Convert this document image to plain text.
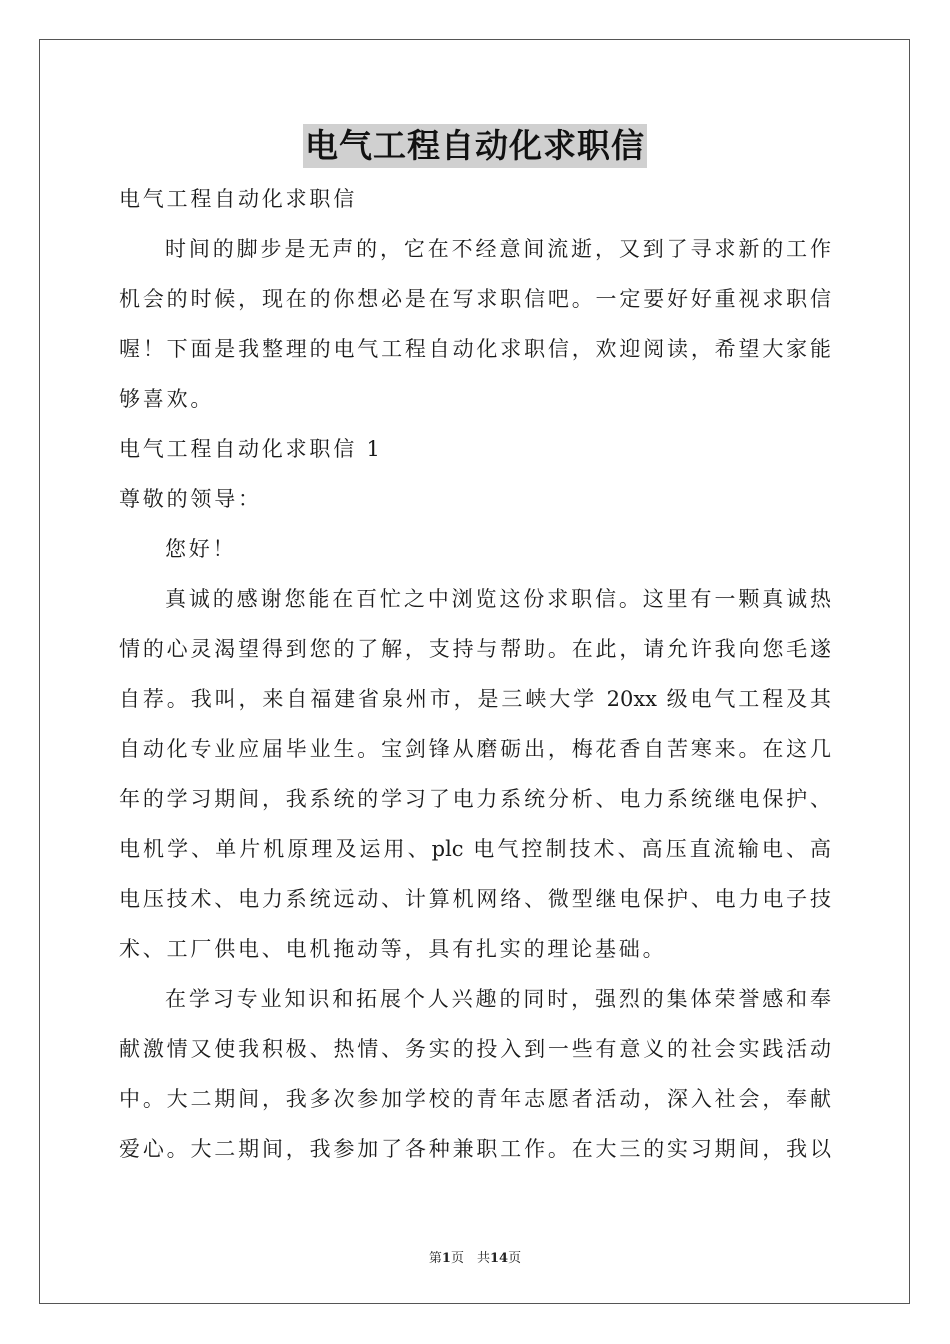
电气工程自动化求职信
电气工程自动化求职信
时间的脚步是无声的，它在不经意间流逝，又到了寻求新的工作
机会的时候，现在的你想必是在写求职信吧。一定要好好重视求职信
喔！下面是我整理的电气工程自动化求职信，欢迎阅读，希望大家能
够喜欢。
电气工程自动化求职信 1
尊敬的领导：
您好！
真诚的感谢您能在百忙之中浏览这份求职信。这里有一颗真诚热
情的心灵渴望得到您的了解，支持与帮助。在此，请允许我向您毛遂
自荐。我叫，来自福建省泉州市，是三峡大学 20xx 级电气工程及其
自动化专业应届毕业生。宝剑锋从磨砺出，梅花香自苦寒来。在这几
年的学习期间，我系统的学习了电力系统分析、电力系统继电保护、
电机学、单片机原理及运用、plc 电气控制技术、高压直流输电、高
电压技术、电力系统远动、计算机网络、微型继电保护、电力电子技
术、工厂供电、电机拖动等，具有扎实的理论基础。
在学习专业知识和拓展个人兴趣的同时，强烈的集体荣誉感和奉
献激情又使我积极、热情、务实的投入到一些有意义的社会实践活动
中。大二期间，我多次参加学校的青年志愿者活动，深入社会，奉献
爱心。大二期间，我参加了各种兼职工作。在大三的实习期间，我以
第1页　共14页
